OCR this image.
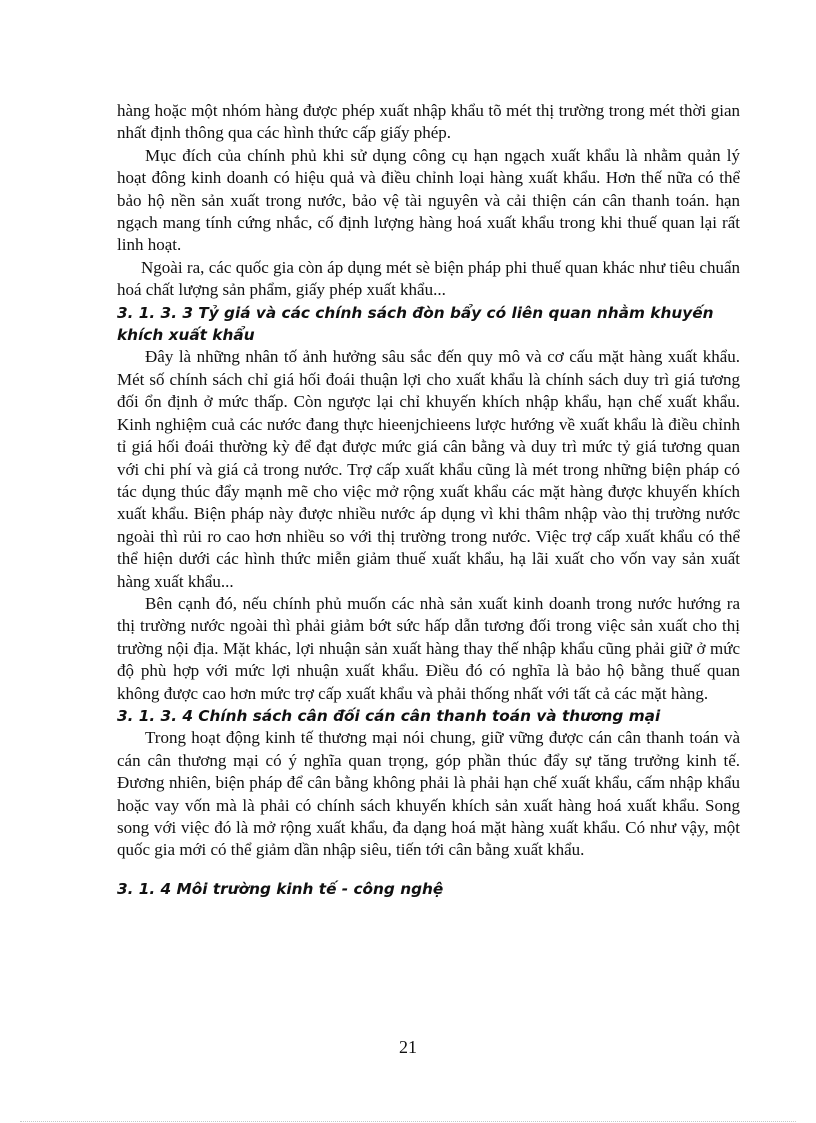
hàng hoặc một nhóm hàng được phép xuất nhập khẩu tõ mét thị trường trong mét thời gian nhất định thông qua các hình thức cấp giấy phép.

Mục đích của chính phủ khi sử dụng công cụ hạn ngạch xuất khẩu là nhằm quản lý hoạt đông kinh doanh có hiệu quả và điều chỉnh loại hàng xuất khẩu. Hơn thế nữa có thể bảo hộ nền sản xuất trong nước, bảo vệ tài nguyên và cải thiện cán cân thanh toán. hạn ngạch mang tính cứng nhắc, cố định lượng hàng hoá xuất khẩu trong khi thuế quan lại rất linh hoạt.

Ngoài ra, các quốc gia còn áp dụng mét sè biện pháp phi thuế quan khác như tiêu chuẩn hoá chất lượng sản phẩm, giấy phép xuất khẩu...

3. 1. 3. 3 Tỷ giá và các chính sách đòn bẩy có liên quan nhằm khuyến khích xuất khẩu

Đây là những nhân tố ảnh hưởng sâu sắc đến quy mô và cơ cấu mặt hàng xuất khẩu. Mét số chính sách chỉ giá hối đoái thuận lợi cho xuất khẩu là chính sách duy trì giá tương đối ổn định ở mức thấp. Còn ngược lại chỉ khuyến khích nhập khẩu, hạn chế xuất khẩu. Kinh nghiệm cuả các nước đang thực hieenjchieens lược hướng về xuất khẩu là điều chỉnh tỉ giá hối đoái thường kỳ để đạt được mức giá cân bằng và duy trì mức tỷ giá tương quan với chi phí và giá cả trong nước. Trợ cấp xuất khẩu cũng là mét trong những biện pháp có tác dụng thúc đẩy mạnh mẽ cho việc mở rộng xuất khẩu các mặt hàng được khuyến khích xuất khẩu. Biện pháp này được nhiều nước áp dụng vì khi thâm nhập vào thị trường nước ngoài thì rủi ro cao hơn nhiều so với thị trường trong nước. Việc trợ cấp xuất khẩu có thể thể hiện dưới các hình thức miễn giảm thuế xuất khẩu, hạ lãi xuất cho vốn vay sản xuất hàng xuất khẩu...

Bên cạnh đó, nếu chính phủ muốn các nhà sản xuất kinh doanh trong nước hướng ra thị trường nước ngoài thì phải giảm bớt sức hấp dẫn tương đối trong việc sản xuất cho thị trường nội địa. Mặt khác, lợi nhuận sản xuất hàng thay thế nhập khẩu cũng phải giữ ở mức độ phù hợp với mức lợi nhuận xuất khẩu. Điều đó có nghĩa là bảo hộ bằng thuế quan không được cao hơn mức trợ cấp xuất khẩu và phải thống nhất với tất cả các mặt hàng.

3. 1. 3. 4 Chính sách cân đối cán cân thanh toán và thương mại

Trong hoạt động kinh tế thương mại nói chung, giữ vững được cán cân thanh toán và cán cân thương mại có ý nghĩa quan trọng, góp phần thúc đẩy sự tăng trưởng kinh tế. Đương nhiên, biện pháp để cân bằng không phải là phải hạn chế xuất khẩu, cấm nhập khẩu hoặc vay vốn mà là phải có chính sách khuyến khích sản xuất hàng hoá xuất khẩu. Song song với việc đó là mở rộng xuất khẩu, đa dạng hoá mặt hàng xuất khẩu. Có như vậy, một quốc gia mới có thể giảm dần nhập siêu, tiến tới cân bằng xuất khẩu.

3. 1. 4 Môi trường kinh tế - công nghệ
21
